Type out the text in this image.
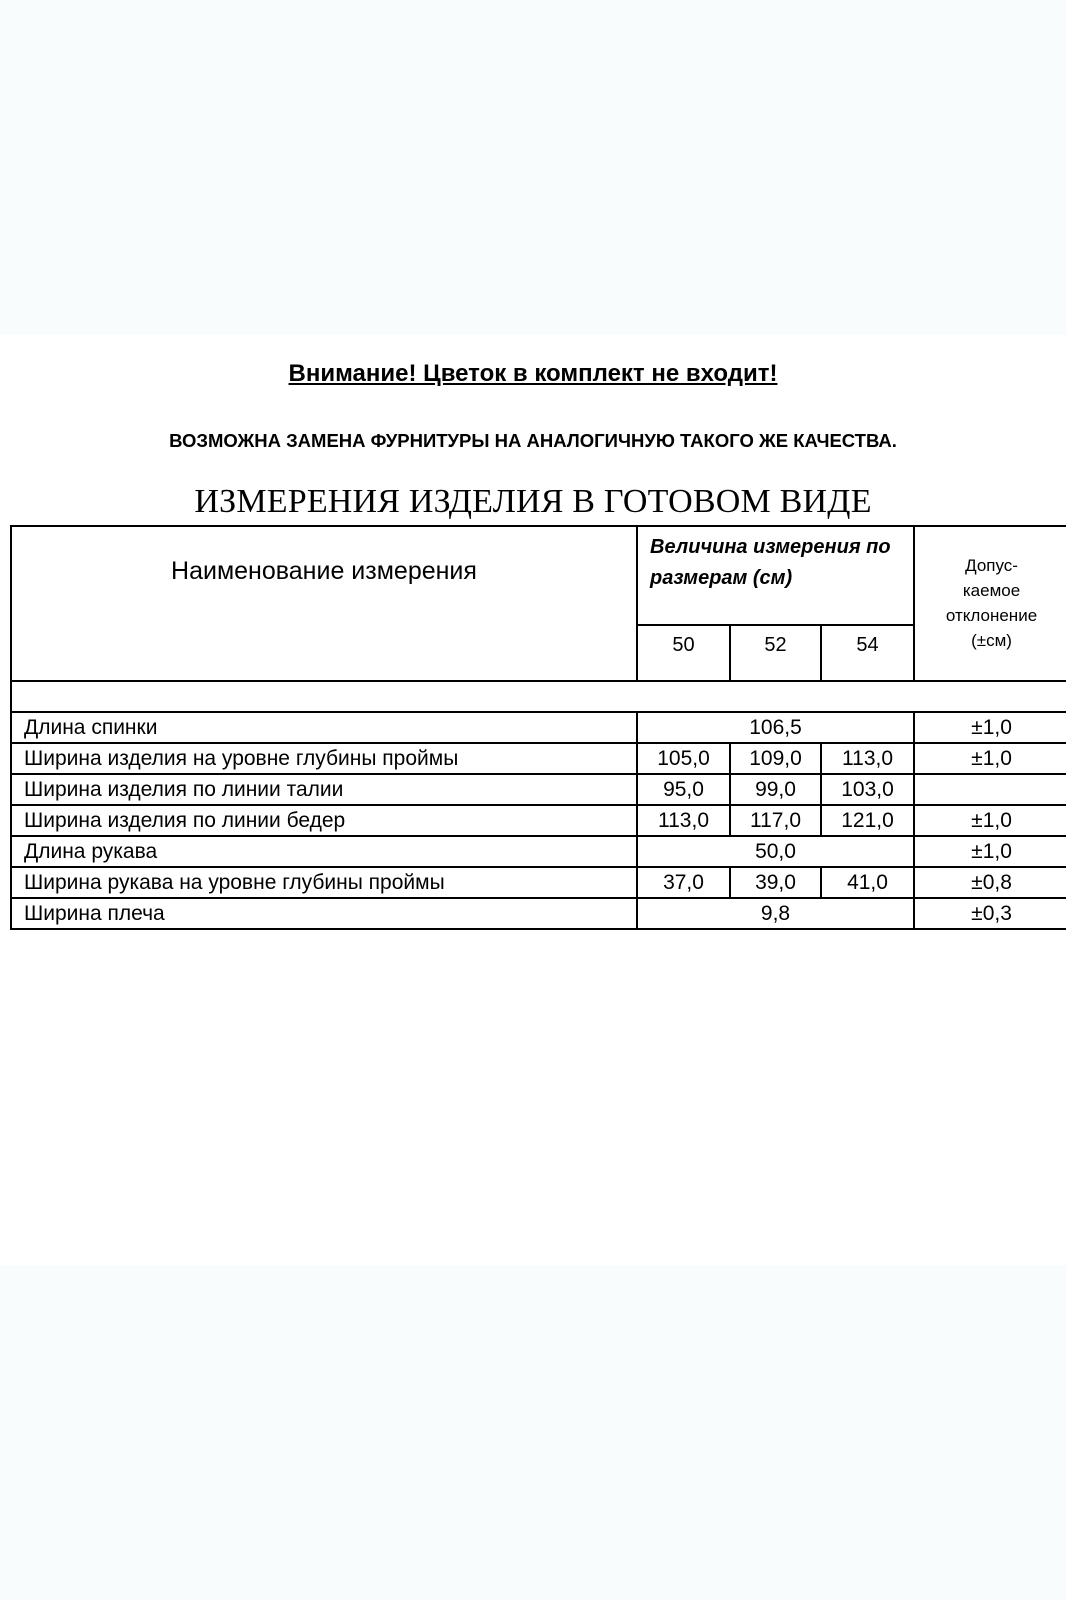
Внимание! Цветок в комплект не входит!
ВОЗМОЖНА ЗАМЕНА ФУРНИТУРЫ НА АНАЛОГИЧНУЮ ТАКОГО ЖЕ КАЧЕСТВА.
ИЗМЕРЕНИЯ ИЗДЕЛИЯ В ГОТОВОМ ВИДЕ
Наименование измерения	Величина измерения по размерам (см)			Допус-
каемое
отклонение
(±см)

	50	52	54	

Длина спинки	106,5			±1,0
Ширина изделия на уровне глубины проймы	105,0	109,0	113,0	±1,0
Ширина изделия по линии талии	95,0	99,0	103,0	
Ширина изделия по линии бедер	113,0	117,0	121,0	±1,0
Длина рукава	50,0			±1,0
Ширина рукава на уровне глубины проймы	37,0	39,0	41,0	±0,8
Ширина плеча	9,8			±0,3
